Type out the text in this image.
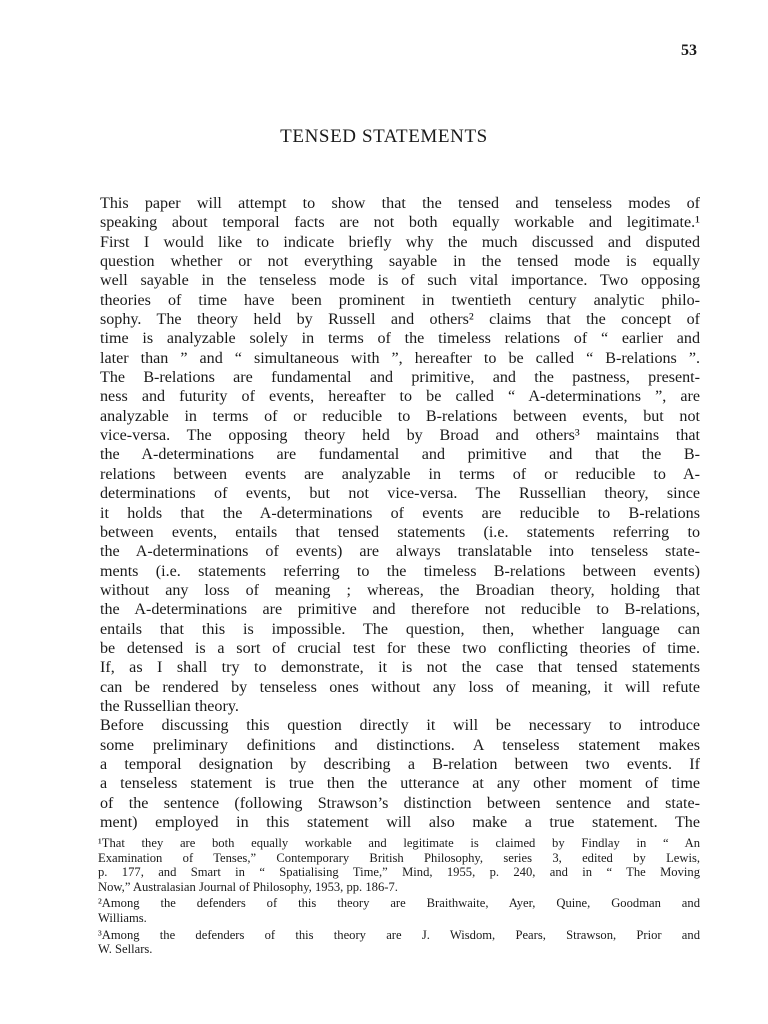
53
TENSED STATEMENTS

This paper will attempt to show that the tensed and tenseless modes of
speaking about temporal facts are not both equally workable and legitimate.¹
First I would like to indicate briefly why the much discussed and disputed
question whether or not everything sayable in the tensed mode is equally
well sayable in the tenseless mode is of such vital importance. Two opposing
theories of time have been prominent in twentieth century analytic philo-
sophy. The theory held by Russell and others² claims that the concept of
time is analyzable solely in terms of the timeless relations of “ earlier and
later than ” and “ simultaneous with ”, hereafter to be called “ B-relations ”.
The B-relations are fundamental and primitive, and the pastness, present-
ness and futurity of events, hereafter to be called “ A-determinations ”, are
analyzable in terms of or reducible to B-relations between events, but not
vice-versa. The opposing theory held by Broad and others³ maintains that
the A-determinations are fundamental and primitive and that the B-
relations between events are analyzable in terms of or reducible to A-
determinations of events, but not vice-versa. The Russellian theory, since
it holds that the A-determinations of events are reducible to B-relations
between events, entails that tensed statements (i.e. statements referring to
the A-determinations of events) are always translatable into tenseless state-
ments (i.e. statements referring to the timeless B-relations between events)
without any loss of meaning ; whereas, the Broadian theory, holding that
the A-determinations are primitive and therefore not reducible to B-relations,
entails that this is impossible. The question, then, whether language can
be detensed is a sort of crucial test for these two conflicting theories of time.
If, as I shall try to demonstrate, it is not the case that tensed statements
can be rendered by tenseless ones without any loss of meaning, it will refute
the Russellian theory.

Before discussing this question directly it will be necessary to introduce
some preliminary definitions and distinctions. A tenseless statement makes
a temporal designation by describing a B-relation between two events. If
a tenseless statement is true then the utterance at any other moment of time
of the sentence (following Strawson’s distinction between sentence and state-
ment) employed in this statement will also make a true statement. The

¹That they are both equally workable and legitimate is claimed by Findlay in “ An
Examination of Tenses,” Contemporary British Philosophy, series 3, edited by Lewis,
p. 177, and Smart in “ Spatialising Time,” Mind, 1955, p. 240, and in “ The Moving
Now,” Australasian Journal of Philosophy, 1953, pp. 186-7.

²Among the defenders of this theory are Braithwaite, Ayer, Quine, Goodman and
Williams.

³Among the defenders of this theory are J. Wisdom, Pears, Strawson, Prior and
W. Sellars.
